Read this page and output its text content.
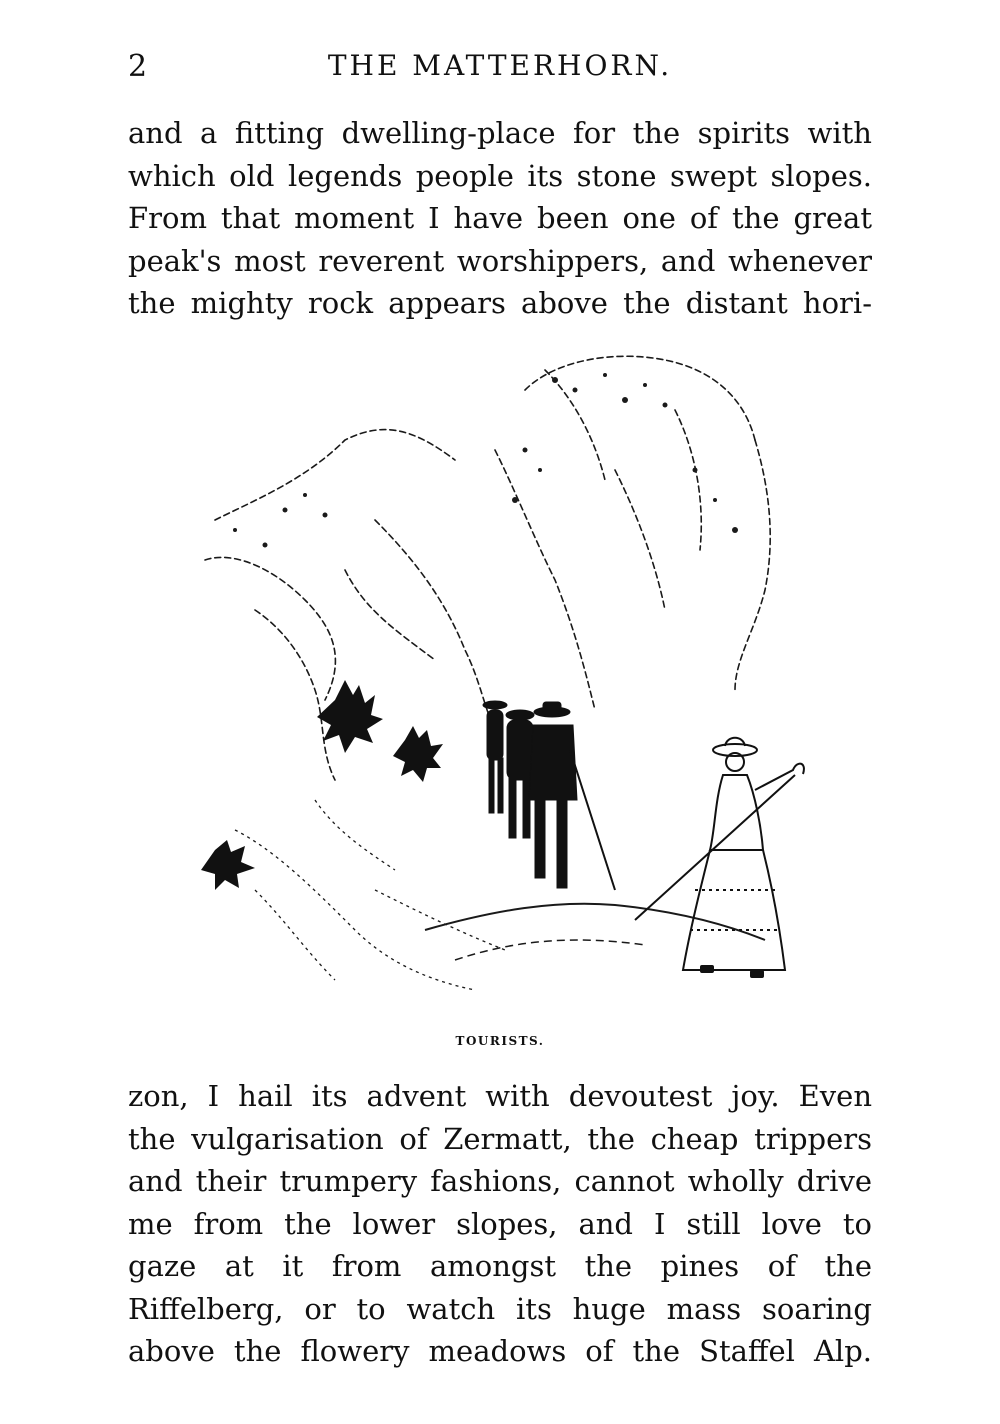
2	THE MATTERHORN.
and a fitting dwelling-place for the spirits with
which old legends people its stone swept slopes.
From that moment I have been one of the great
peak's most reverent worshippers, and whenever
the mighty rock appears above the distant hori-
TOURISTS.
zon, I hail its advent with devoutest joy. Even
the vulgarisation of Zermatt, the cheap trippers
and their trumpery fashions, cannot wholly drive
me from the lower slopes, and I still love to
gaze at it from amongst the pines of the
Riffelberg, or to watch its huge mass soaring
above the flowery meadows of the Staffel Alp.
